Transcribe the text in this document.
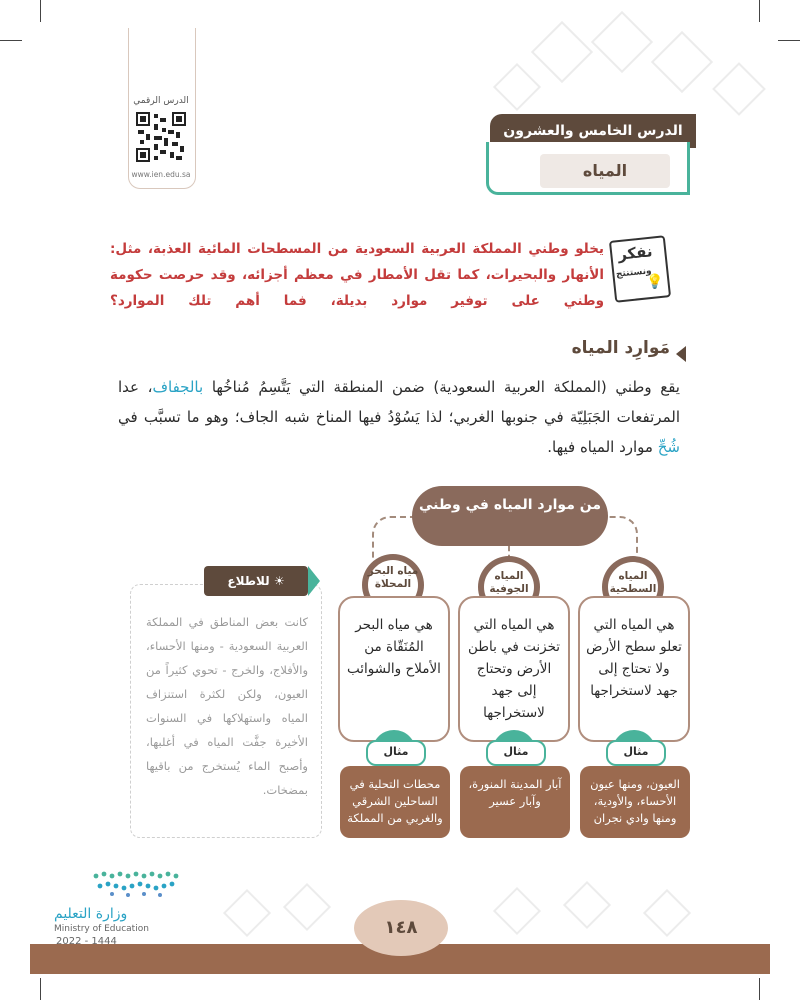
الدرس الرقمي
www.ien.edu.sa
الدرس الخامس والعشرون
المياه
نفكر
ونستنتج
💡
يخلو وطني المملكة العربية السعودية من المسطحات المائية العذبة، مثل: الأنهار والبحيرات، كما تقل الأمطار في معظم أجزائه، وقد حرصت حكومة وطني على توفير موارد بديلة، فما أهم تلك الموارد؟
مَوارِد المياه
يقع وطني (المملكة العربية السعودية) ضمن المنطقة التي يَتَّسِمُ مُناخُها بالجفاف، عدا المرتفعات الجَبَلِيّة في جنوبها الغربي؛ لذا يَسُوْدُ فيها المناخ شبه الجاف؛ وهو ما تسبَّب في شُحِّ موارد المياه فيها.
من موارد المياه في وطني
المياه السطحية
هي المياه التي تعلو سطح الأرض ولا تحتاج إلى جهد لاستخراجها
مثال
العيون، ومنها عيون الأحساء، والأودية، ومنها وادي نجران
المياه الجوفية
هي المياه التي تخزنت في باطن الأرض وتحتاج إلى جهد لاستخراجها
مثال
آبار المدينة المنورة، وآبار عسير
مياه البحر المحلاة
هي مياه البحر المُنَقّاة من الأملاح والشوائب
مثال
محطات التحلية في الساحلين الشرقي والغربي من المملكة
☀ للاطلاع
كانت بعض المناطق في المملكة العربية السعودية - ومنها الأحساء، والأفلاج، والخرج - تحوي كثيراً من العيون، ولكن لكثرة استنزاف المياه واستهلاكها في السنوات الأخيرة جفَّت المياه في أغلبها، وأصبح الماء يُستخرج من باقيها بمضخات.
١٤٨
وزارة التعليم
Ministry of Education
2022 - 1444
